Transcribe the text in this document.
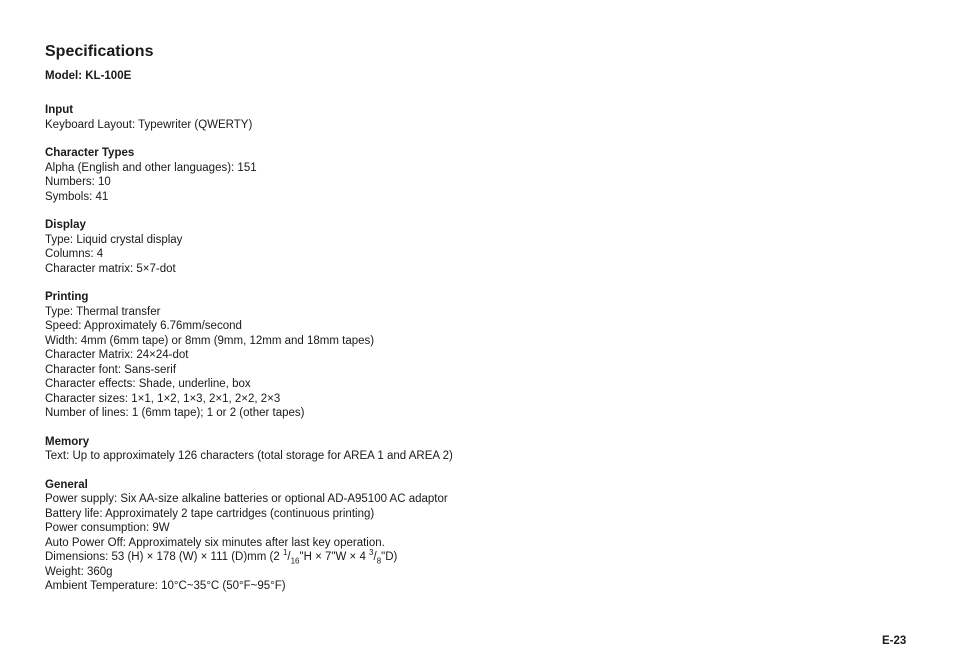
Specifications
Model: KL-100E
Input
Keyboard Layout: Typewriter (QWERTY)
Character Types
Alpha (English and other languages): 151
Numbers: 10
Symbols: 41
Display
Type: Liquid crystal display
Columns: 4
Character matrix: 5×7-dot
Printing
Type: Thermal transfer
Speed: Approximately 6.76mm/second
Width: 4mm (6mm tape) or 8mm (9mm, 12mm and 18mm tapes)
Character Matrix: 24×24-dot
Character font: Sans-serif
Character effects: Shade, underline, box
Character sizes: 1×1, 1×2, 1×3, 2×1, 2×2, 2×3
Number of lines: 1 (6mm tape); 1 or 2 (other tapes)
Memory
Text: Up to approximately 126 characters (total storage for AREA 1 and AREA 2)
General
Power supply: Six AA-size alkaline batteries or optional AD-A95100 AC adaptor
Battery life: Approximately 2 tape cartridges (continuous printing)
Power consumption: 9W
Auto Power Off: Approximately six minutes after last key operation.
Dimensions: 53 (H) × 178 (W) × 111 (D)mm (2 $^1/_{16}"H$ × 7"W × 4 $^3/_8"D$)
Weight: 360g
Ambient Temperature: 10°C~35°C (50°F~95°F)
E-23
